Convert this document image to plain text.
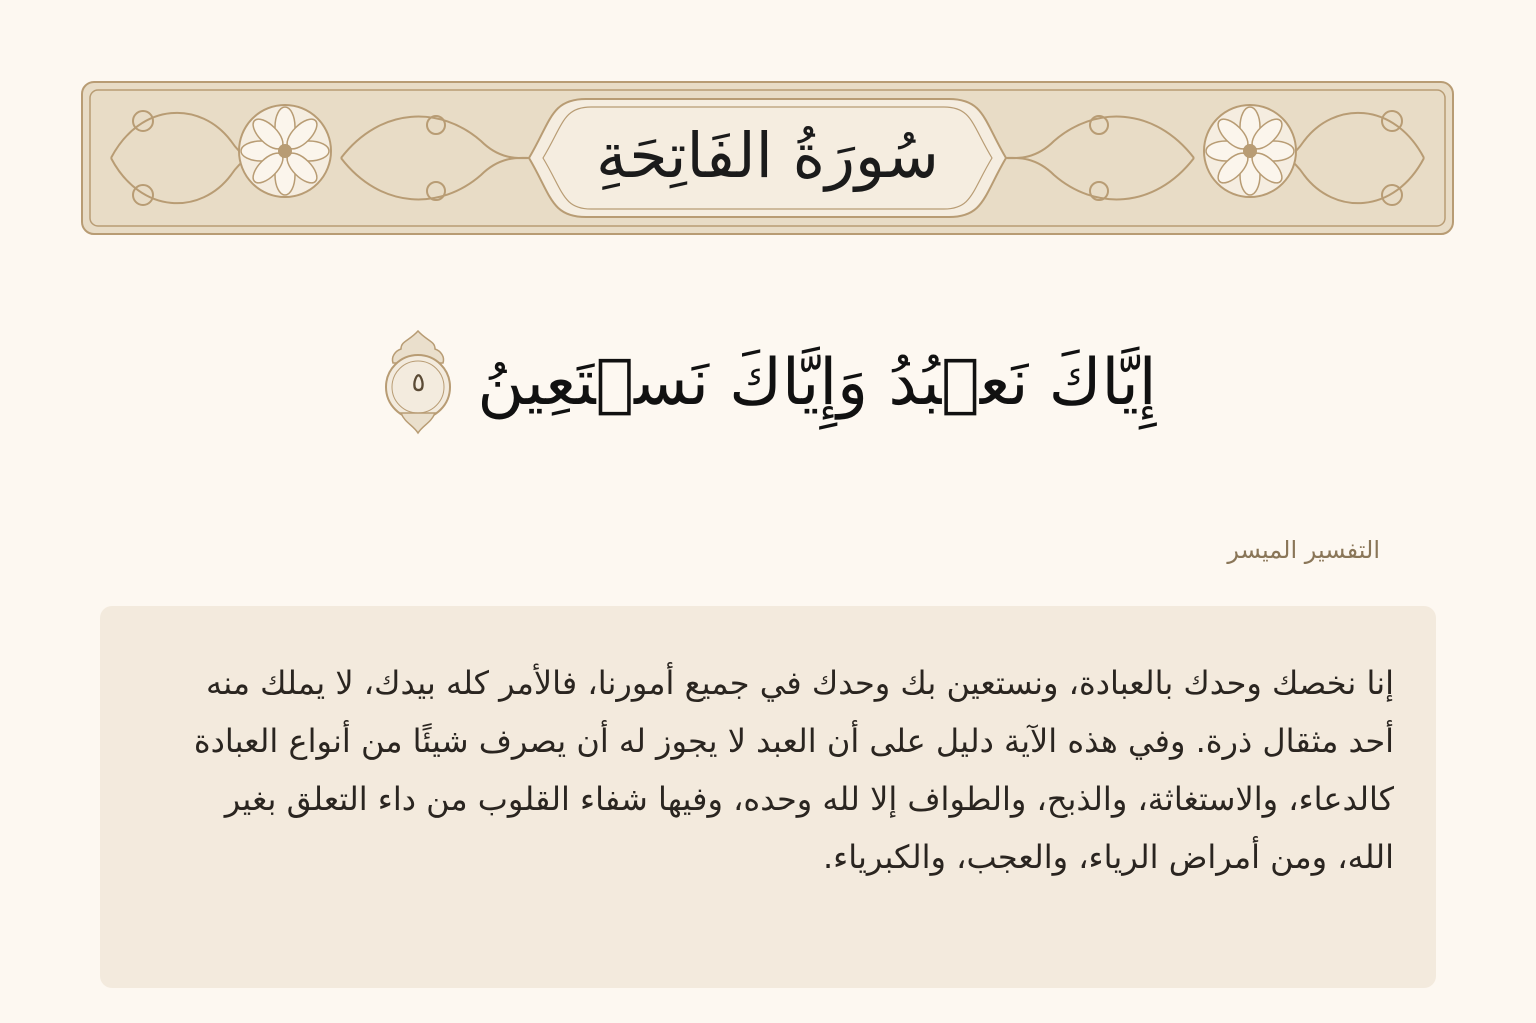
سُورَةُ الفَاتِحَةِ
إِيَّاكَ نَعۡبُدُ وَإِيَّاكَ نَسۡتَعِينُ
٥
التفسير الميسر
إنا نخصك وحدك بالعبادة، ونستعين بك وحدك في جميع أمورنا، فالأمر كله بيدك، لا يملك منه أحد مثقال ذرة. وفي هذه الآية دليل على أن العبد لا يجوز له أن يصرف شيئًا من أنواع العبادة كالدعاء، والاستغاثة، والذبح، والطواف إلا لله وحده، وفيها شفاء القلوب من داء التعلق بغير الله، ومن أمراض الرياء، والعجب، والكبرياء.
